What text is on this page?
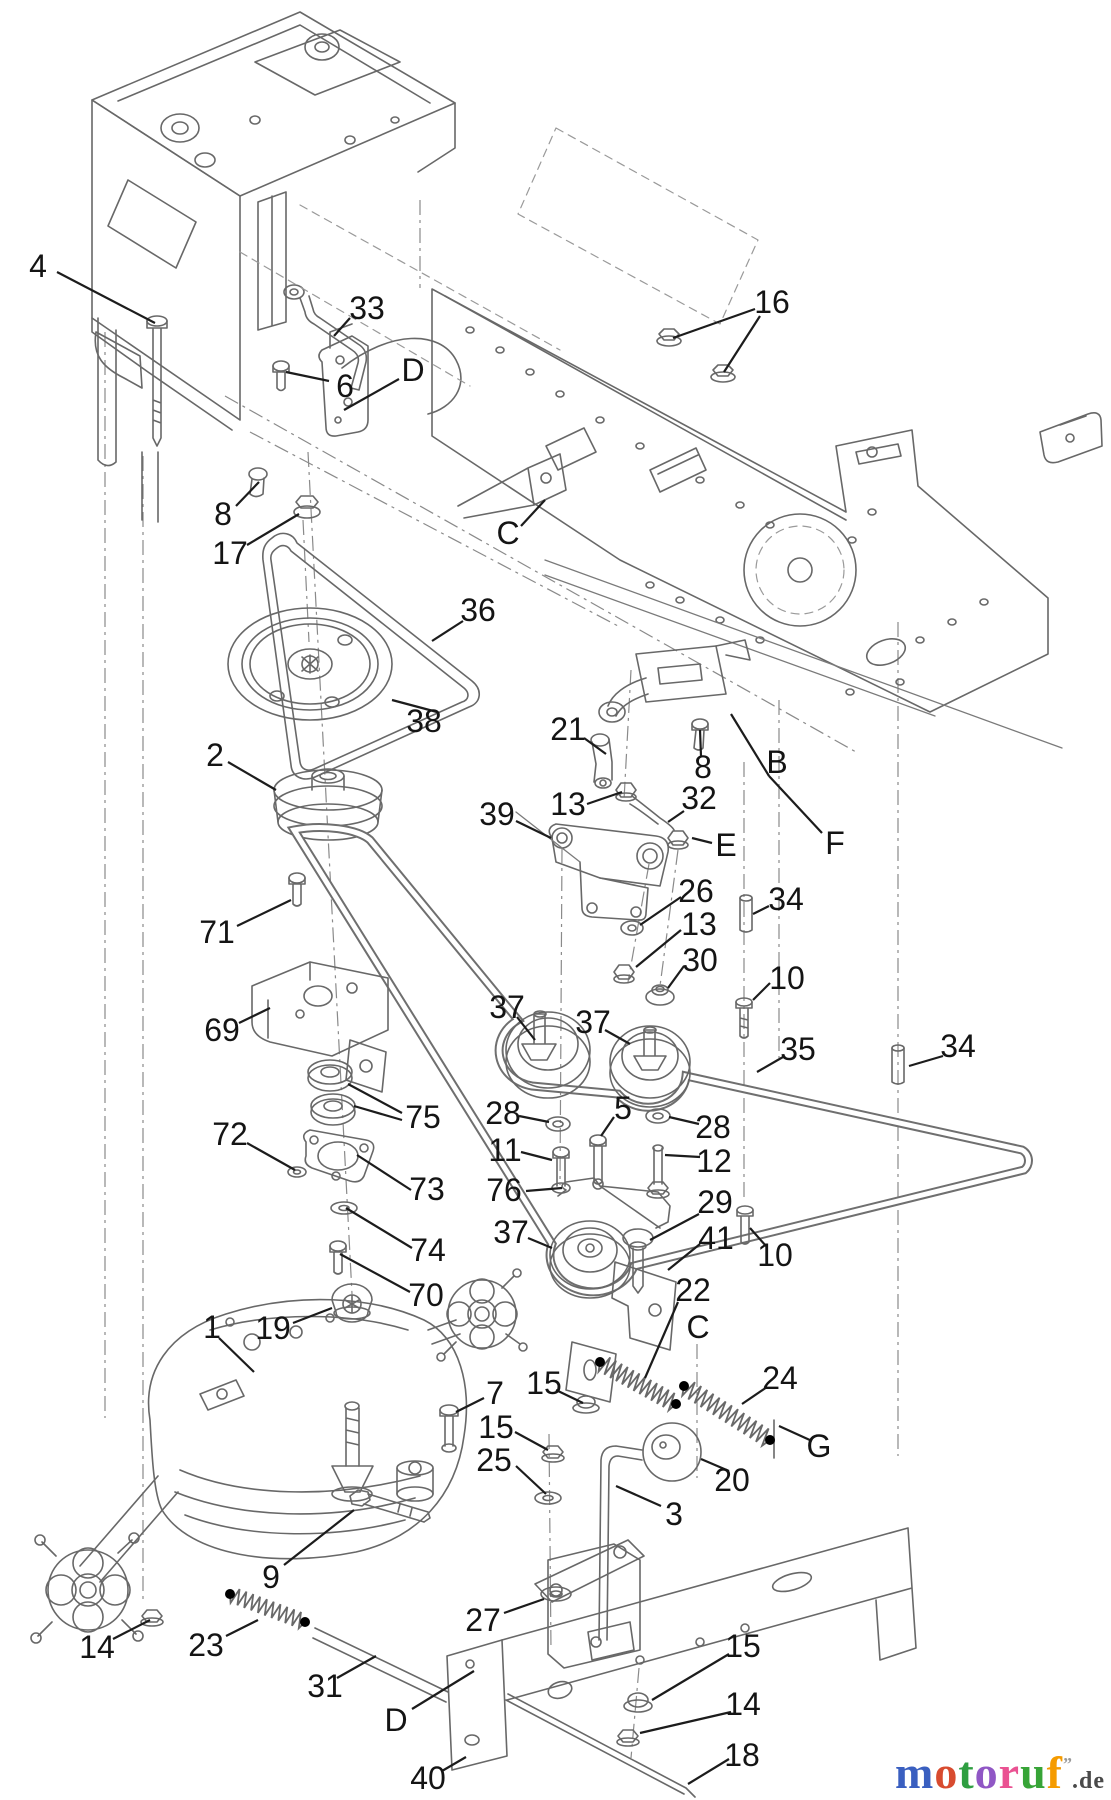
4
33
6 D
16
8
17
C
36
38
2
21
13
39	32
E
B
8
F
26
13
34
30 10
35	34
71
69
37 37
28	5
28
11	12
76	29
41
37
10
22
C
24
G
1 19
7 15
15
25
20
3
9
27
23
31
D
40
14	15
14
18
73
74
70
75
72
motoruf”.de
